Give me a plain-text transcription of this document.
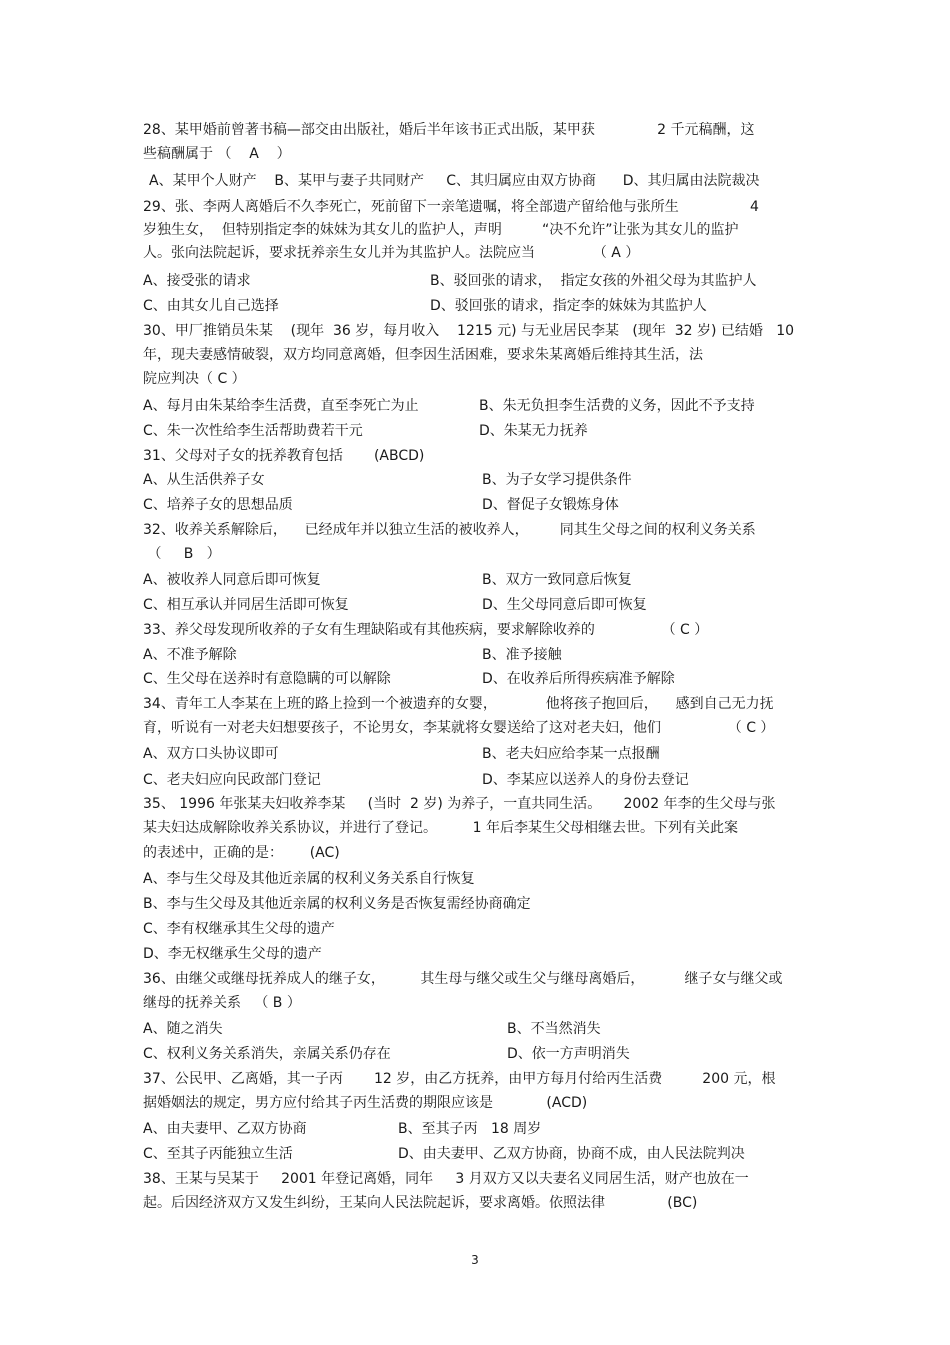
28、某甲婚前曾著书稿—部交由出版社，婚后半年该书正式出版，某甲获              2 千元稿酬，这
些稿酬属于 （    A    ）
A、某甲个人财产    B、某甲与妻子共同财产     C、其归属应由双方协商      D、其归属由法院裁决
29、张、李两人离婚后不久李死亡，死前留下一亲笔遗嘱，将全部遗产留给他与张所生                4
岁独生女，  但特别指定李的妹妹为其女儿的监护人，声明         “决不允许”让张为其女儿的监护
人。张向法院起诉，要求抚养亲生女儿并为其监护人。法院应当             （ A ）
A、接受张的请求	B、驳回张的请求，  指定女孩的外祖父母为其监护人
C、由其女儿自己选择	D、驳回张的请求，指定李的妹妹为其监护人
30、甲厂推销员朱某    (现年  36 岁，每月收入    1215 元) 与无业居民李某   (现年  32 岁) 已结婚   10
年，现夫妻感情破裂，双方均同意离婚，但李因生活困难，要求朱某离婚后维持其生活，法
院应判决（ C ）
A、每月由朱某给李生活费，直至李死亡为止	B、朱无负担李生活费的义务，因此不予支持
C、朱一次性给李生活帮助费若干元	D、朱某无力抚养
31、父母对子女的抚养教育包括       (ABCD)
A、从生活供养子女	B、为子女学习提供条件
C、培养子女的思想品质	D、督促子女锻炼身体
32、收养关系解除后，    已经成年并以独立生活的被收养人，       同其生父母之间的权利义务关系
（     B   ）
A、被收养人同意后即可恢复	B、双方一致同意后恢复
C、相互承认并同居生活即可恢复	D、生父母同意后即可恢复
33、养父母发现所收养的子女有生理缺陷或有其他疾病，要求解除收养的               （ C ）
A、不准予解除	B、准予接触
C、生父母在送养时有意隐瞒的可以解除	D、在收养后所得疾病准予解除
34、青年工人李某在上班的路上捡到一个被遗弃的女婴，           他将孩子抱回后，    感到自己无力抚
育，听说有一对老夫妇想要孩子，不论男女，李某就将女婴送给了这对老夫妇，他们               （ C ）
A、双方口头协议即可	B、老夫妇应给李某一点报酬
C、老夫妇应向民政部门登记	D、李某应以送养人的身份去登记
35、 1996 年张某夫妇收养李某     (当时  2 岁) 为养子，一直共同生活。     2002 年李的生父母与张
某夫妇达成解除收养关系协议，并进行了登记。        1 年后李某生父母相继去世。下列有关此案
的表述中，正确的是：      (AC)
A、李与生父母及其他近亲属的权利义务关系自行恢复
B、李与生父母及其他近亲属的权利义务是否恢复需经协商确定
C、李有权继承其生父母的遗产
D、李无权继承生父母的遗产
36、由继父或继母抚养成人的继子女，        其生母与继父或生父与继母离婚后，         继子女与继父或
继母的抚养关系   （ B ）
A、随之消失	B、不当然消失
C、权利义务关系消失，亲属关系仍存在	D、依一方声明消失
37、公民甲、乙离婚，其一子丙       12 岁，由乙方抚养，由甲方每月付给丙生活费         200 元，根
据婚姻法的规定，男方应付给其子丙生活费的期限应该是            (ACD)
A、由夫妻甲、乙双方协商	B、至其子丙   18 周岁
C、至其子丙能独立生活	D、由夫妻甲、乙双方协商，协商不成，由人民法院判决
38、王某与吴某于     2001 年登记离婚，同年     3 月双方又以夫妻名义同居生活，财产也放在一
起。后因经济双方又发生纠纷，王某向人民法院起诉，要求离婚。依照法律              (BC)
3
